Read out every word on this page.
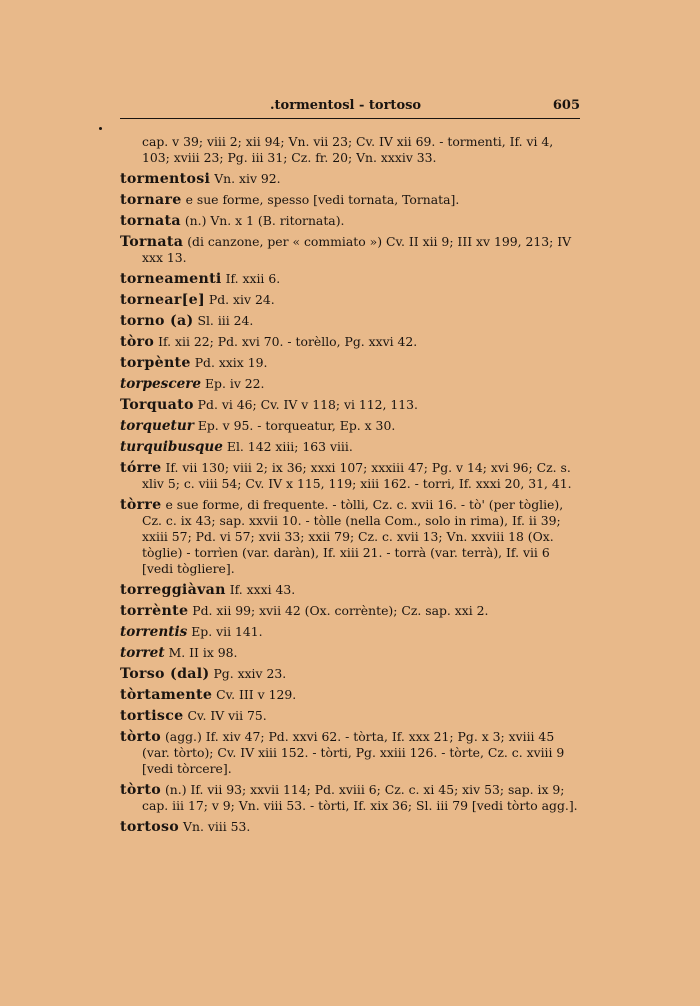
.tormentosl - tortoso	605

cap. v 39; viii 2; xii 94; Vn. vii 23; Cv. IV xii 69. - tormenti, If. vi 4, 103; xviii 23; Pg. iii 31; Cz. fr. 20; Vn. xxxiv 33.

tormentosi Vn. xiv 92.

tornare e sue forme, spesso [vedi tornata, Tornata].

tornata (n.) Vn. x 1 (B. ritornata).

Tornata (di canzone, per « commiato ») Cv. II xii 9; III xv 199, 213; IV xxx 13.

torneamenti If. xxii 6.

tornear[e] Pd. xiv 24.

torno (a) Sl. iii 24.

tòro If. xii 22; Pd. xvi 70. - torèllo, Pg. xxvi 42.

torpènte Pd. xxix 19.

torpescere Ep. iv 22.

Torquato Pd. vi 46; Cv. IV v 118; vi 112, 113.

torquetur Ep. v 95. - torqueatur, Ep. x 30.

turquibusque El. 142 xiii; 163 viii.

tórre If. vii 130; viii 2; ix 36; xxxi 107; xxxiii 47; Pg. v 14; xvi 96; Cz. s. xliv 5; c. viii 54; Cv. IV x 115, 119; xiii 162. - torri, If. xxxi 20, 31, 41.

tòrre e sue forme, di frequente. - tòlli, Cz. c. xvii 16. - tò' (per tòglie), Cz. c. ix 43; sap. xxvii 10. - tòlle (nella Com., solo in rima), If. ii 39; xxiii 57; Pd. vi 57; xvii 33; xxii 79; Cz. c. xvii 13; Vn. xxviii 18 (Ox. tòglie) - torrìen (var. daràn), If. xiii 21. - torrà (var. terrà), If. vii 6 [vedi tògliere].

torreggiàvan If. xxxi 43.

torrènte Pd. xii 99; xvii 42 (Ox. corrènte); Cz. sap. xxi 2.

torrentis Ep. vii 141.

torret M. II ix 98.

Torso (dal) Pg. xxiv 23.

tòrtamente Cv. III v 129.

tortisce Cv. IV vii 75.

tòrto (agg.) If. xiv 47; Pd. xxvi 62. - tòrta, If. xxx 21; Pg. x 3; xviii 45 (var. tòrto); Cv. IV xiii 152. - tòrti, Pg. xxiii 126. - tòrte, Cz. c. xviii 9 [vedi tòrcere].

tòrto (n.) If. vii 93; xxvii 114; Pd. xviii 6; Cz. c. xi 45; xiv 53; sap. ix 9; cap. iii 17; v 9; Vn. viii 53. - tòrti, If. xix 36; Sl. iii 79 [vedi tòrto agg.].

tortoso Vn. viii 53.
